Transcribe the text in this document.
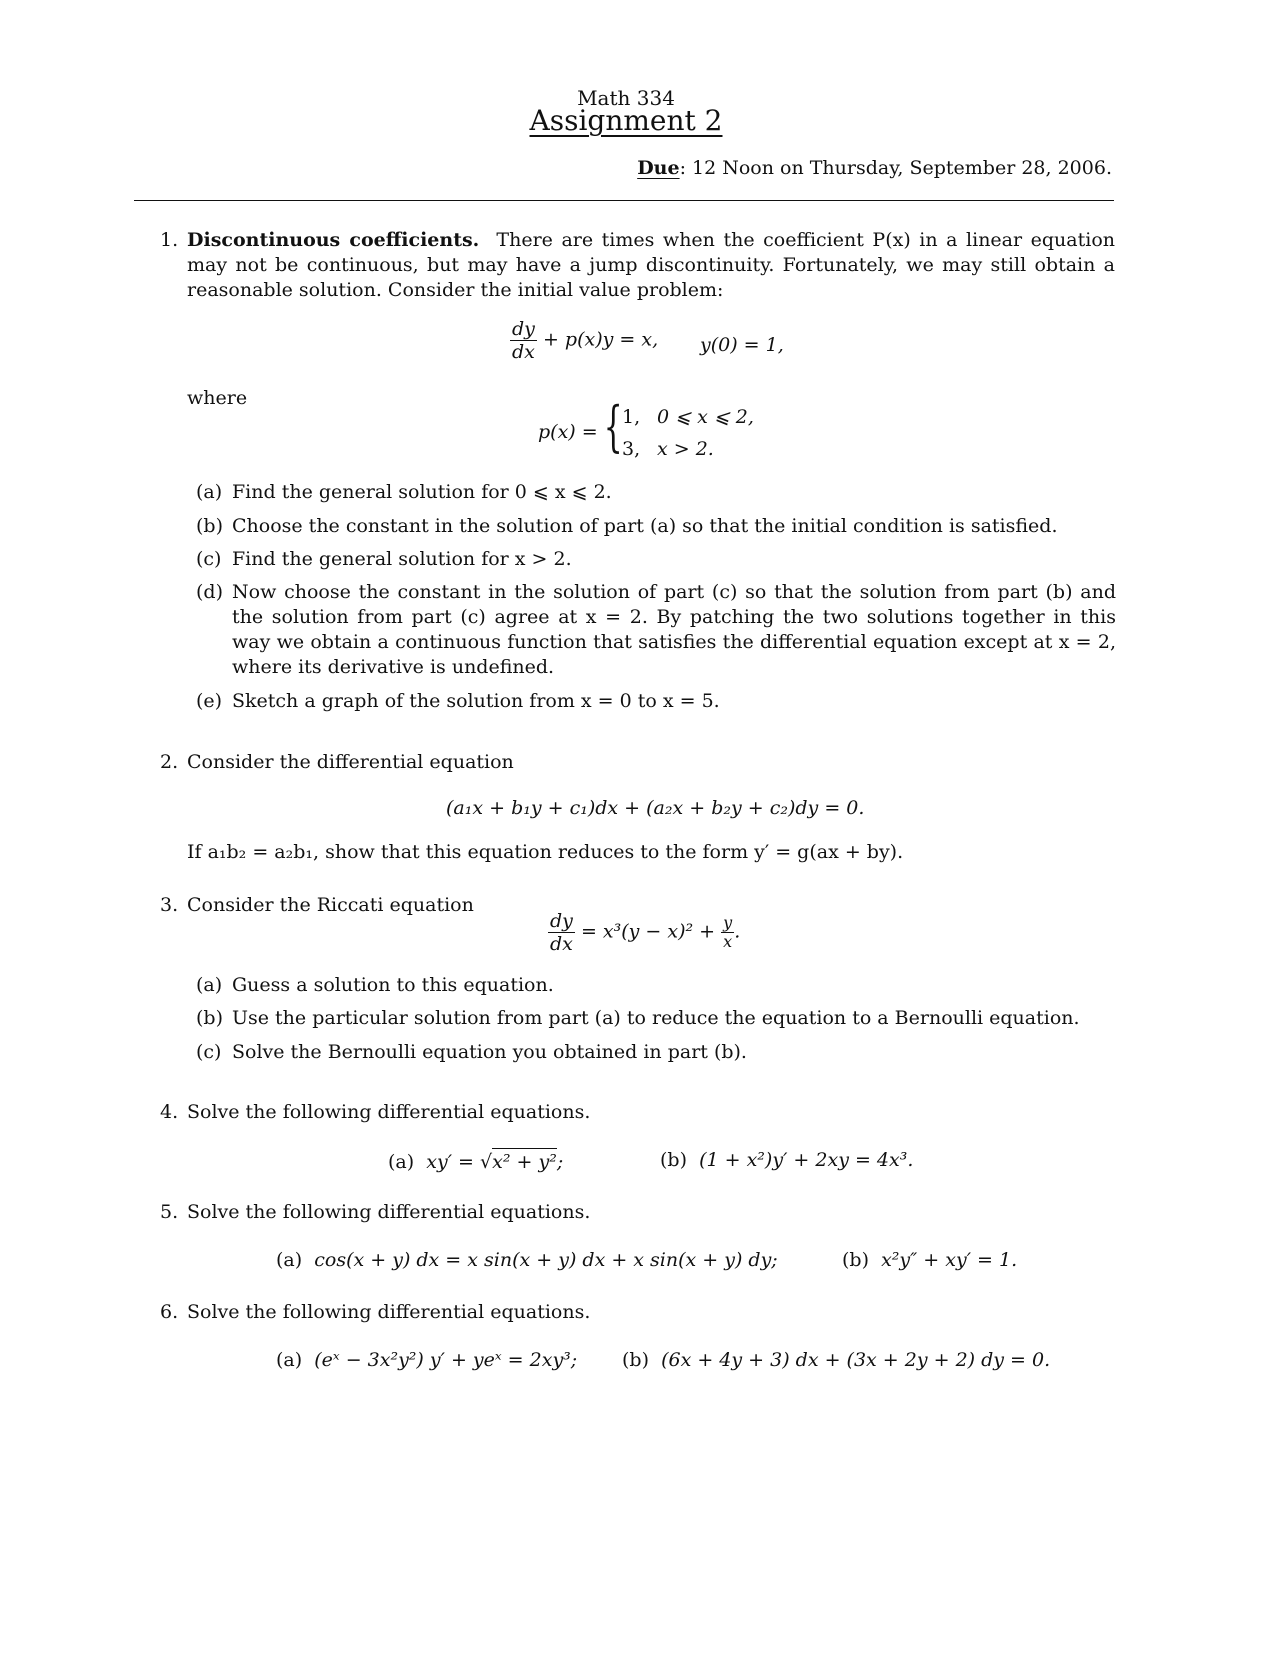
Math 334
Assignment 2
Due: 12 Noon on Thursday, September 28, 2006.
1. Discontinuous coefficients. There are times when the coefficient P(x) in a linear equation may not be continuous, but may have a jump discontinuity. Fortunately, we may still obtain a reasonable solution. Consider the initial value problem:
$\frac{dy}{dx} + p(x)y = x$, y(0) = 1,
where
p(x) = { 1, 0 ⩽ x ⩽ 2,
3, x > 2.
(a) Find the general solution for 0 ⩽ x ⩽ 2.
(b) Choose the constant in the solution of part (a) so that the initial condition is satisfied.
(c) Find the general solution for x > 2.
(d) Now choose the constant in the solution of part (c) so that the solution from part (b) and the solution from part (c) agree at x = 2. By patching the two solutions together in this way we obtain a continuous function that satisfies the differential equation except at x = 2, where its derivative is undefined.
(e) Sketch a graph of the solution from x = 0 to x = 5.
2. Consider the differential equation
(a₁x + b₁y + c₁)dx + (a₂x + b₂y + c₂)dy = 0.
If a₁b₂ = a₂b₁, show that this equation reduces to the form y′ = g(ax + by).
3. Consider the Riccati equation
$\frac{dy}{dx} = x^3(y - x)^2 + \frac{y}{x}$ .
(a) Guess a solution to this equation.
(b) Use the particular solution from part (a) to reduce the equation to a Bernoulli equation.
(c) Solve the Bernoulli equation you obtained in part (b).
4. Solve the following differential equations.
(a) xy′ = √x² + y²;	(b) (1 + x²)y′ + 2xy = 4x³.
5. Solve the following differential equations.
(a) cos(x + y) dx = x sin(x + y) dx + x sin(x + y) dy;	(b) x²y″ + xy′ = 1.
6. Solve the following differential equations.
(a) (eˣ − 3x²y²) y′ + yeˣ = 2xy³; (b) (6x + 4y + 3) dx + (3x + 2y + 2) dy = 0.
